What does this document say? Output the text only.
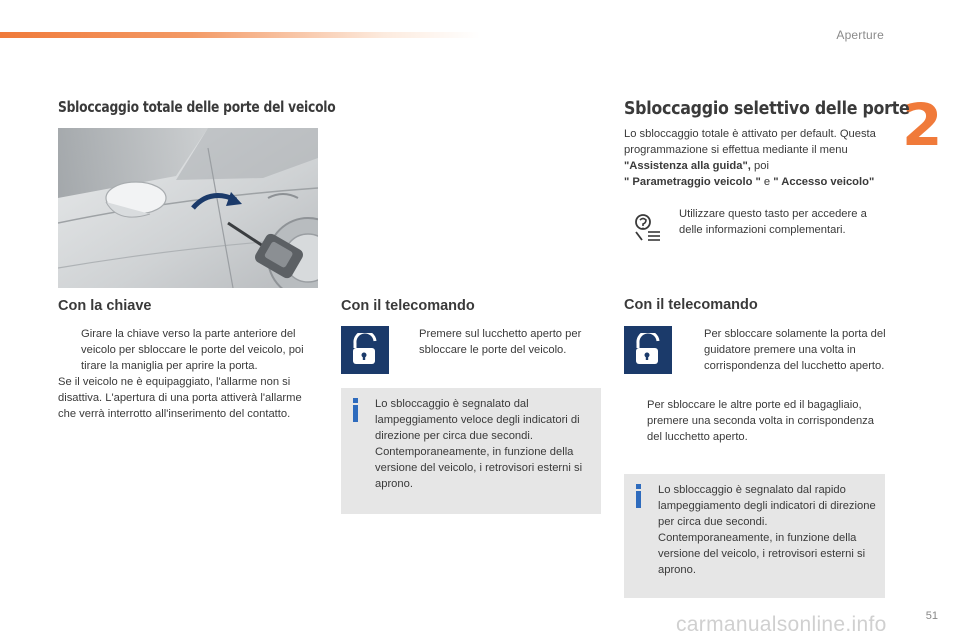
Aperture
2
Sbloccaggio totale delle porte del veicolo
Con la chiave
Girare la chiave verso la parte anteriore del veicolo per sbloccare le porte del veicolo, poi tirare la maniglia per aprire la porta.
Se il veicolo ne è equipaggiato, l'allarme non si disattiva. L'apertura di una porta attiverà l'allarme che verrà interrotto all'inserimento del contatto.
Con il telecomando
Premere sul lucchetto aperto per sbloccare le porte del veicolo.
Lo sbloccaggio è segnalato dal lampeggiamento veloce degli indicatori di direzione per circa due secondi. Contemporaneamente, in funzione della versione del veicolo, i retrovisori esterni si aprono.
Sbloccaggio selettivo delle porte
Lo sbloccaggio totale è attivato per default. Questa programmazione si effettua mediante il menu "Assistenza alla guida", poi
" Parametraggio veicolo " e " Accesso veicolo"
Utilizzare questo tasto per accedere a delle informazioni complementari.
Con il telecomando
Per sbloccare solamente la porta del guidatore premere una volta in corrispondenza del lucchetto aperto.
Per sbloccare le altre porte ed il bagagliaio, premere una seconda volta in corrispondenza del lucchetto aperto.
Lo sbloccaggio è segnalato dal rapido lampeggiamento degli indicatori di direzione per circa due secondi. Contemporaneamente, in funzione della versione del veicolo, i retrovisori esterni si aprono.
carmanualsonline.info	51
